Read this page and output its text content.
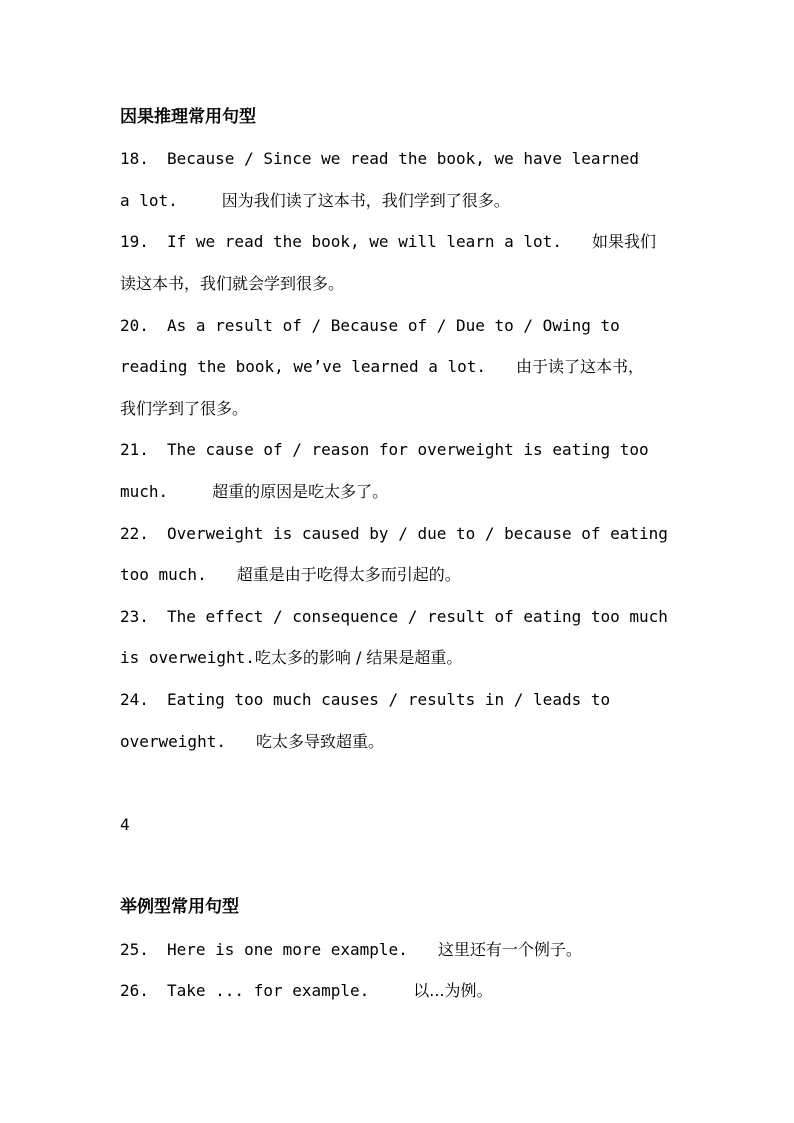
因果推理常用句型
18. Because / Since we read the book, we have learned
a lot.	因为我们读了这本书，我们学到了很多。
19. If we read the book, we will learn a lot. 如果我们
读这本书，我们就会学到很多。
20. As a result of / Because of / Due to / Owing to
reading the book, we’ve learned a lot. 由于读了这本书，
我们学到了很多。
21. The cause of / reason for overweight is eating too
much.	超重的原因是吃太多了。
22. Overweight is caused by / due to / because of eating
too much. 超重是由于吃得太多而引起的。
23. The effect / consequence / result of eating too much
is overweight.吃太多的影响 / 结果是超重。
24. Eating too much causes / results in / leads to
overweight. 吃太多导致超重。
4
举例型常用句型
25. Here is one more example. 这里还有一个例子。
26. Take ... for example.	以...为例。
